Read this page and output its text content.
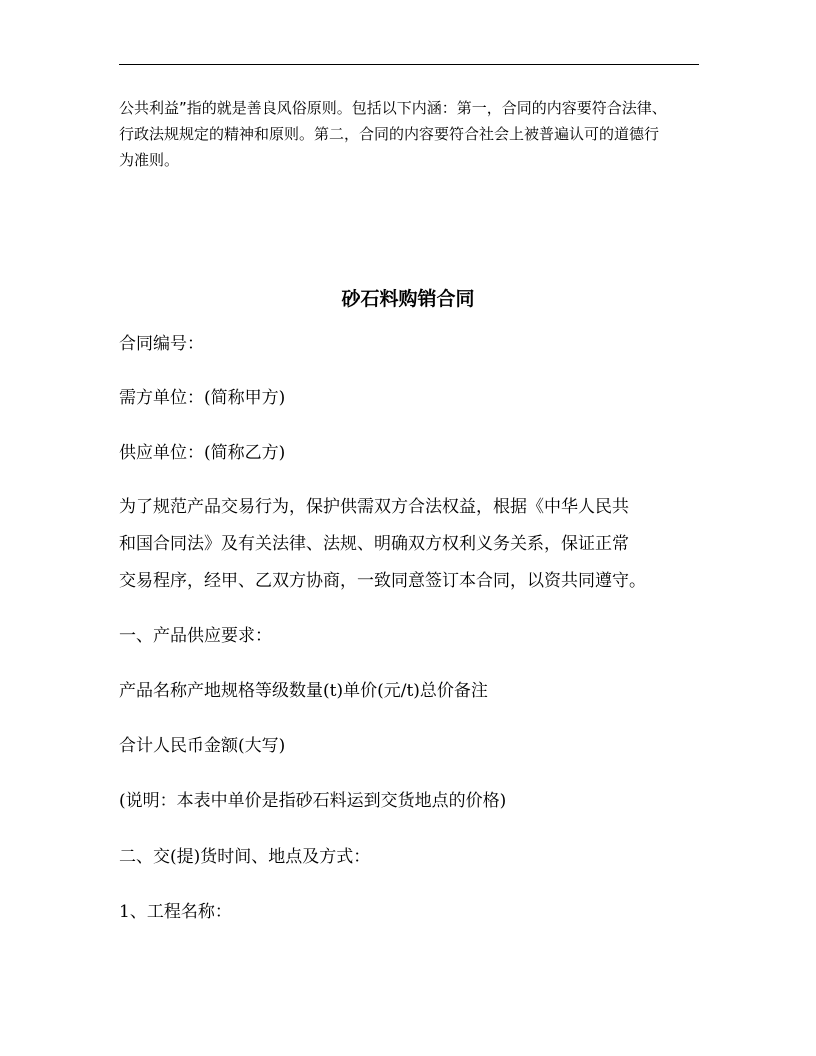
公共利益”指的就是善良风俗原则。包括以下内涵：第一，合同的内容要符合法律、

行政法规规定的精神和原则。第二，合同的内容要符合社会上被普遍认可的道德行

为准则。

砂石料购销合同
合同编号：
需方单位：(简称甲方)
供应单位：(简称乙方)

为了规范产品交易行为，保护供需双方合法权益，根据《中华人民共

和国合同法》及有关法律、法规、明确双方权利义务关系，保证正常

交易程序，经甲、乙双方协商，一致同意签订本合同，以资共同遵守。

一、产品供应要求：
产品名称产地规格等级数量(t)单价(元/t)总价备注
合计人民币金额(大写)
(说明：本表中单价是指砂石料运到交货地点的价格)
二、交(提)货时间、地点及方式：
1、工程名称：
